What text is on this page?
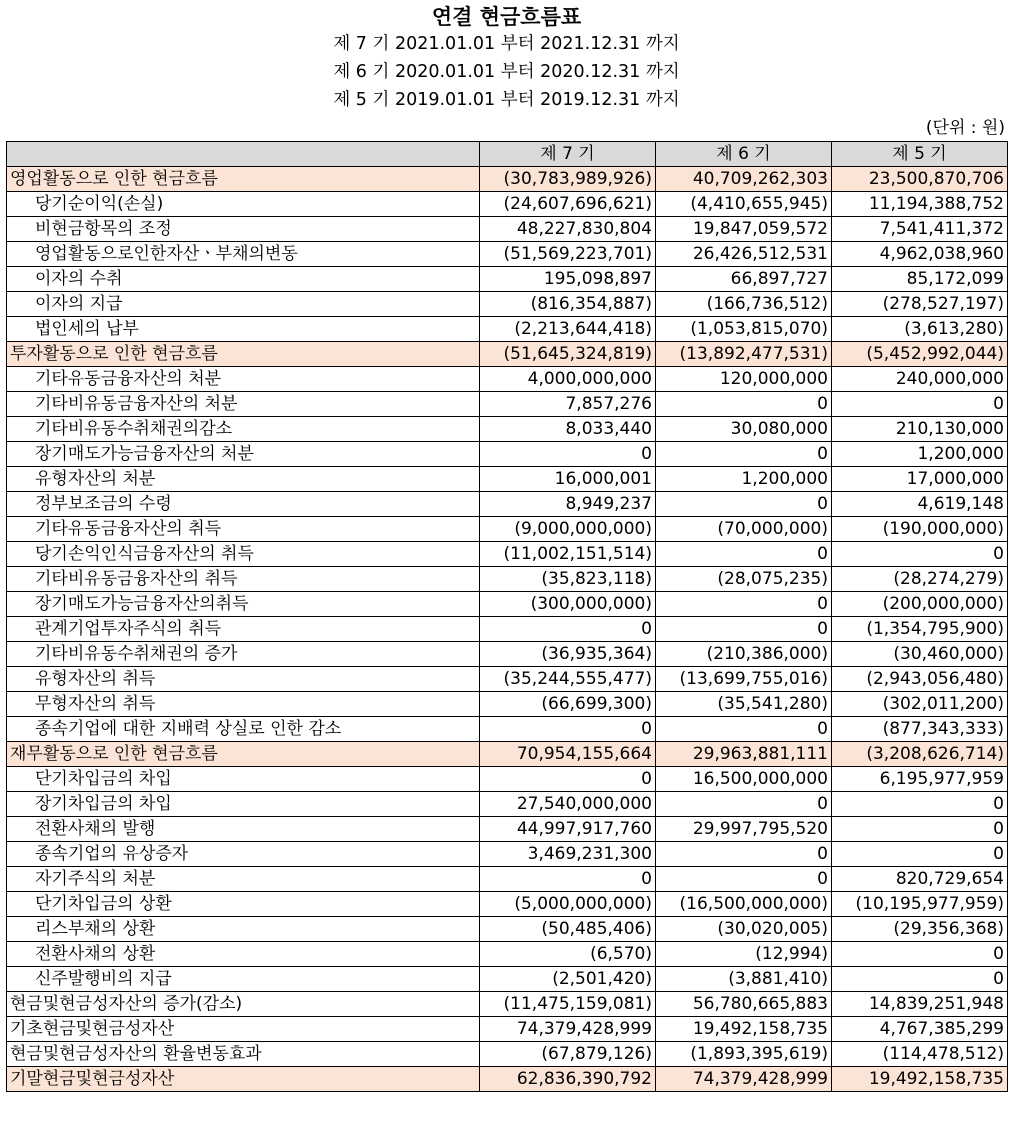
연결 현금흐름표
제 7 기 2021.01.01 부터 2021.12.31 까지
제 6 기 2020.01.01 부터 2020.12.31 까지
제 5 기 2019.01.01 부터 2019.12.31 까지
(단위 : 원)
	제 7 기	제 6 기	제 5 기
영업활동으로 인한 현금흐름	(30,783,989,926)	40,709,262,303	23,500,870,706
당기순이익(손실)	(24,607,696,621)	(4,410,655,945)	11,194,388,752
비현금항목의 조정	48,227,830,804	19,847,059,572	7,541,411,372
영업활동으로인한자산ㆍ부채의변동	(51,569,223,701)	26,426,512,531	4,962,038,960
이자의 수취	195,098,897	66,897,727	85,172,099
이자의 지급	(816,354,887)	(166,736,512)	(278,527,197)
법인세의 납부	(2,213,644,418)	(1,053,815,070)	(3,613,280)
투자활동으로 인한 현금흐름	(51,645,324,819)	(13,892,477,531)	(5,452,992,044)
기타유동금융자산의 처분	4,000,000,000	120,000,000	240,000,000
기타비유동금융자산의 처분	7,857,276	0	0
기타비유동수취채권의감소	8,033,440	30,080,000	210,130,000
장기매도가능금융자산의 처분	0	0	1,200,000
유형자산의 처분	16,000,001	1,200,000	17,000,000
정부보조금의 수령	8,949,237	0	4,619,148
기타유동금융자산의 취득	(9,000,000,000)	(70,000,000)	(190,000,000)
당기손익인식금융자산의 취득	(11,002,151,514)	0	0
기타비유동금융자산의 취득	(35,823,118)	(28,075,235)	(28,274,279)
장기매도가능금융자산의취득	(300,000,000)	0	(200,000,000)
관계기업투자주식의 취득	0	0	(1,354,795,900)
기타비유동수취채권의 증가	(36,935,364)	(210,386,000)	(30,460,000)
유형자산의 취득	(35,244,555,477)	(13,699,755,016)	(2,943,056,480)
무형자산의 취득	(66,699,300)	(35,541,280)	(302,011,200)
종속기업에 대한 지배력 상실로 인한 감소	0	0	(877,343,333)
재무활동으로 인한 현금흐름	70,954,155,664	29,963,881,111	(3,208,626,714)
단기차입금의 차입	0	16,500,000,000	6,195,977,959
장기차입금의 차입	27,540,000,000	0	0
전환사채의 발행	44,997,917,760	29,997,795,520	0
종속기업의 유상증자	3,469,231,300	0	0
자기주식의 처분	0	0	820,729,654
단기차입금의 상환	(5,000,000,000)	(16,500,000,000)	(10,195,977,959)
리스부채의 상환	(50,485,406)	(30,020,005)	(29,356,368)
전환사채의 상환	(6,570)	(12,994)	0
신주발행비의 지급	(2,501,420)	(3,881,410)	0
현금및현금성자산의 증가(감소)	(11,475,159,081)	56,780,665,883	14,839,251,948
기초현금및현금성자산	74,379,428,999	19,492,158,735	4,767,385,299
현금및현금성자산의 환율변동효과	(67,879,126)	(1,893,395,619)	(114,478,512)
기말현금및현금성자산	62,836,390,792	74,379,428,999	19,492,158,735
